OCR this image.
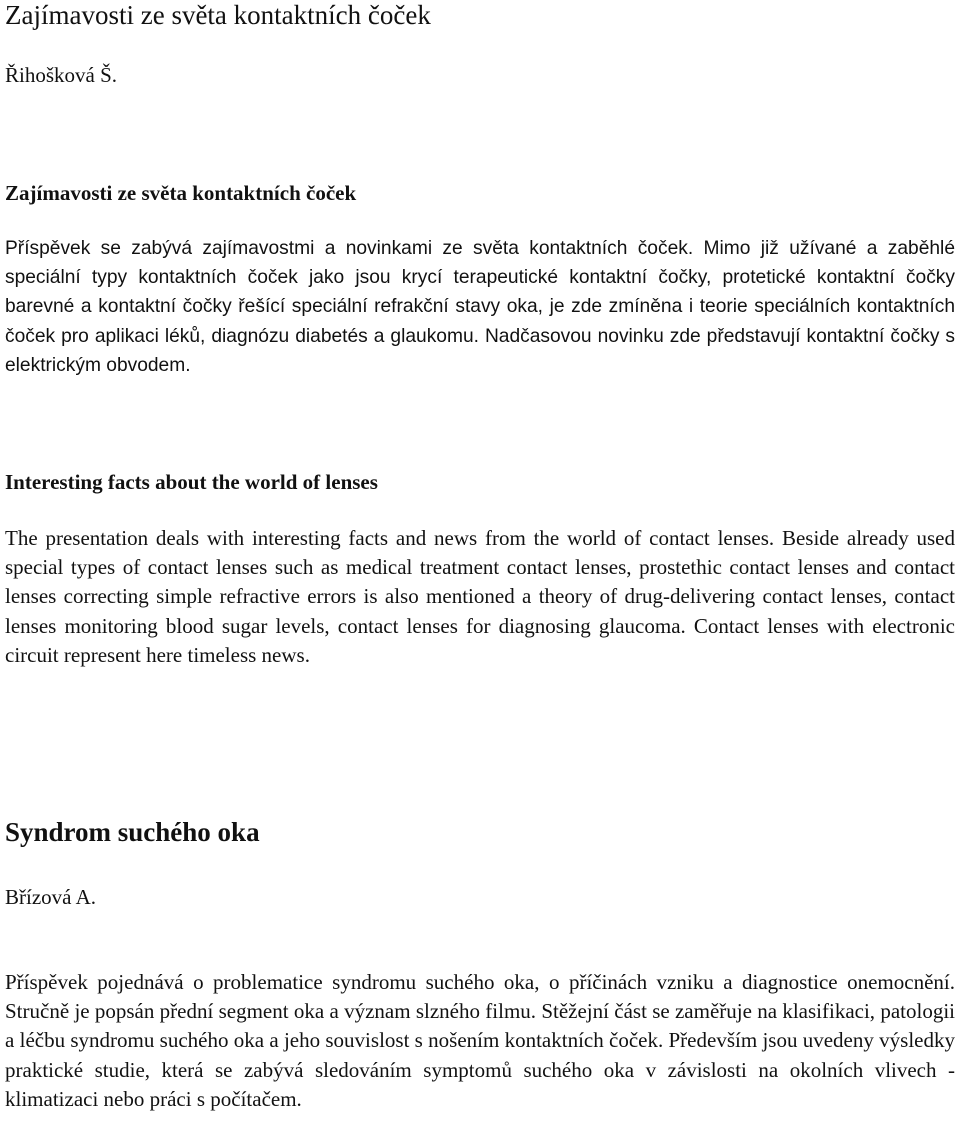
Zajímavosti ze světa kontaktních čoček
Řihošková Š.
Zajímavosti ze světa kontaktních čoček
Příspěvek se zabývá zajímavostmi a novinkami ze světa kontaktních čoček. Mimo již užívané a zaběhlé speciální typy kontaktních čoček jako jsou krycí terapeutické kontaktní čočky, protetické kontaktní čočky barevné a kontaktní čočky řešící speciální refrakční stavy oka, je zde zmíněna i teorie speciálních kontaktních čoček pro aplikaci léků, diagnózu diabetés a glaukomu. Nadčasovou novinku zde představují kontaktní čočky s elektrickým obvodem.
Interesting facts about the world of lenses
The presentation deals with interesting facts and news from the world of contact lenses. Beside already used special types of contact lenses such as medical treatment contact lenses, prostethic contact lenses and contact lenses correcting simple refractive errors is also mentioned a theory of drug-delivering contact lenses, contact lenses monitoring blood sugar levels, contact lenses for diagnosing glaucoma. Contact lenses with electronic circuit represent here timeless news.
Syndrom suchého oka
Břízová A.
Příspěvek pojednává o problematice syndromu suchého oka, o příčinách vzniku a diagnostice onemocnění. Stručně je popsán přední segment oka a význam slzného filmu. Stěžejní část se zaměřuje na klasifikaci, patologii a léčbu syndromu suchého oka a jeho souvislost s nošením kontaktních čoček. Především jsou uvedeny výsledky praktické studie, která se zabývá sledováním symptomů suchého oka v závislosti na okolních vlivech - klimatizaci nebo práci s počítačem.
